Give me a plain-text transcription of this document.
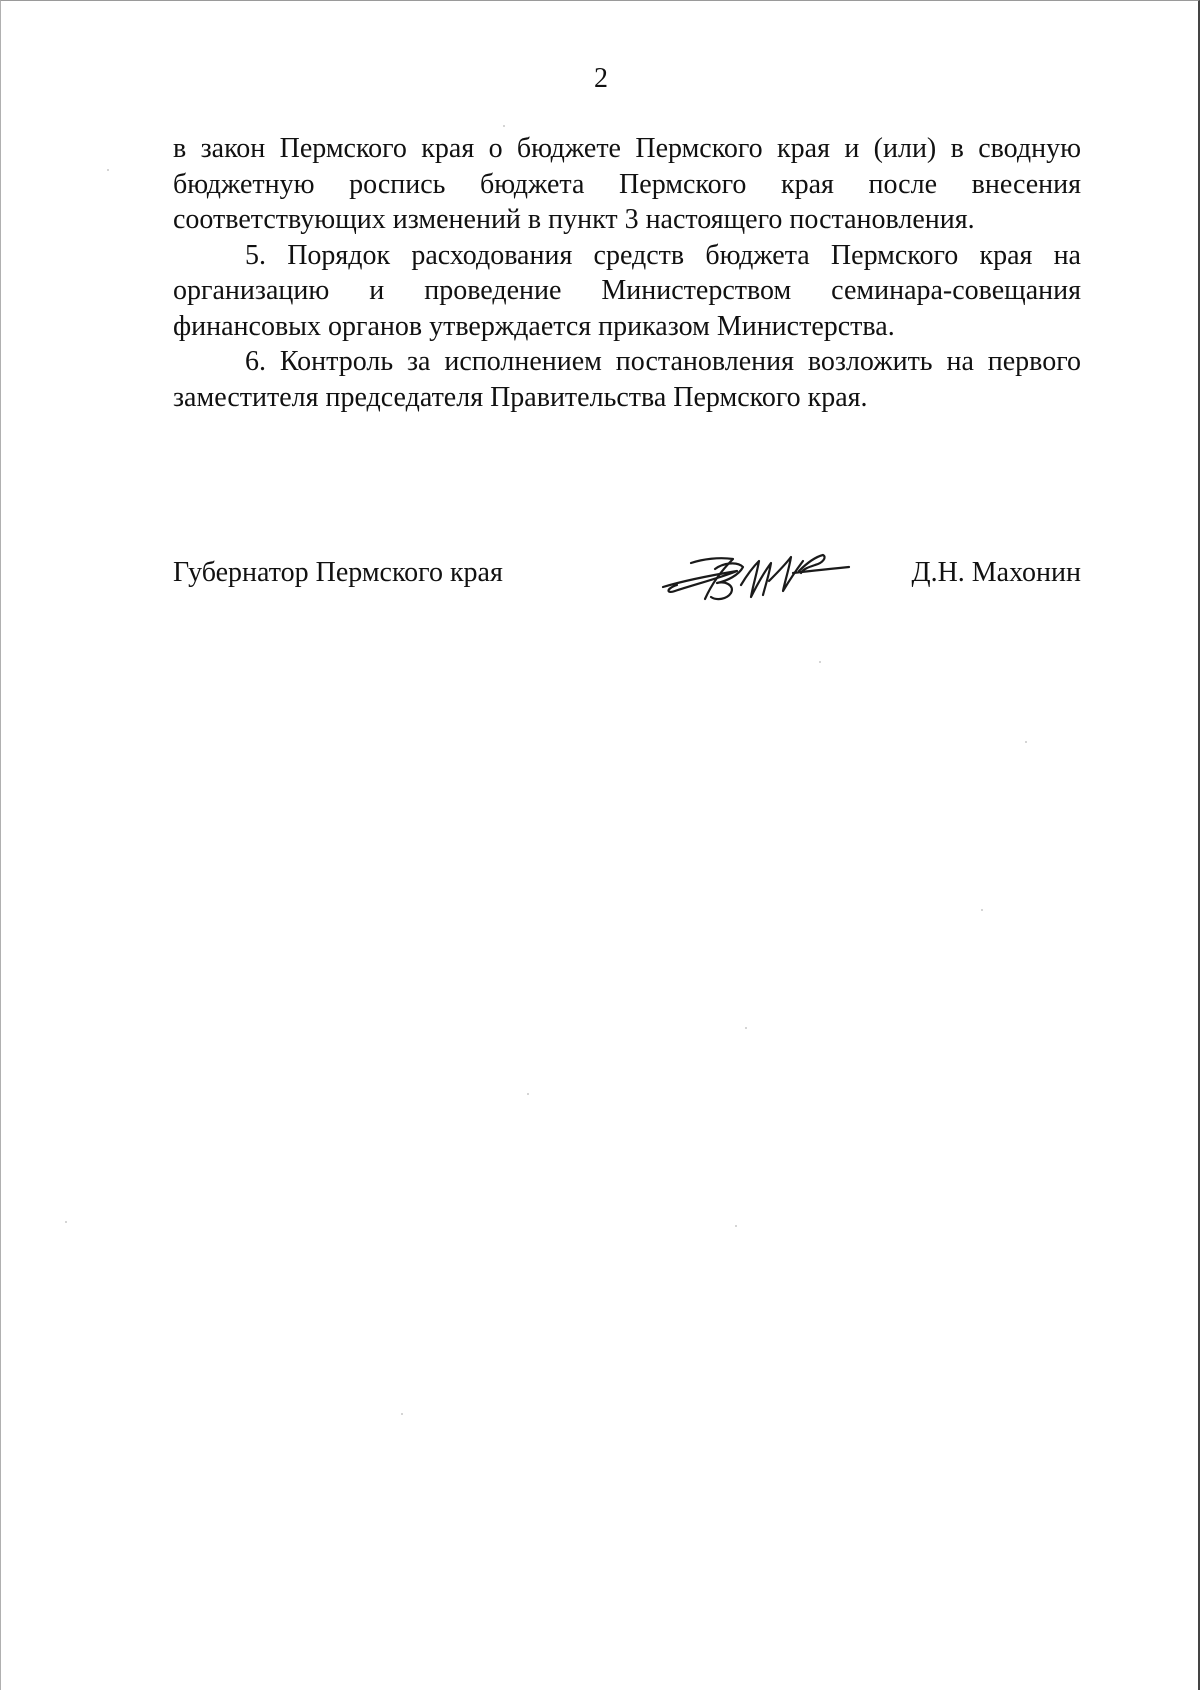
2

в закон Пермского края о бюджете Пермского края и (или) в сводную бюджетную роспись бюджета Пермского края после внесения соответствующих изменений в пункт 3 настоящего постановления.

5. Порядок расходования средств бюджета Пермского края на организацию и проведение Министерством семинара-совещания финансовых органов утверждается приказом Министерства.

6. Контроль за исполнением постановления возложить на первого заместителя председателя Правительства Пермского края.

Губернатор Пермского края	Д.Н. Махонин
